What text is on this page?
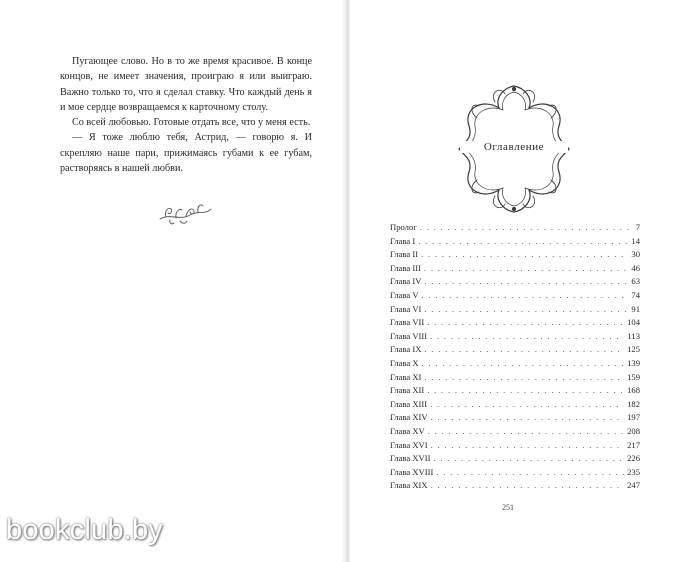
Пугающее слово. Но в то же время красивое. В конце концов, не имеет значения, проиграю я или выиграю. Важно только то, что я сделал ставку. Что каждый день я и мое сердце возвращаемся к карточному столу.

Со всей любовью. Готовые отдать все, что у меня есть.

— Я тоже люблю тебя, Астрид, — говорю я. И скрепляю наше пари, прижимаясь губами к ее губам, растворяясь в нашей любви.

Оглавление
Пролог . . .	7
Глава I . . .	14
Глава II . . .	30
Глава III . . .	46
Глава IV . . .	63
Глава V . . .	74
Глава VI . . .	91
Глава VII . . .	104
Глава VIII . . .	113
Глава IX . . .	125
Глава X . . .	139
Глава XI . . .	159
Глава XII . . .	168
Глава XIII . . .	182
Глава XIV . . .	197
Глава XV . . .	208
Глава XVI . . .	217
Глава XVII . . .	226
Глава XVIII . . .	235
Глава XIX . . .	247
251
bookclub.by
